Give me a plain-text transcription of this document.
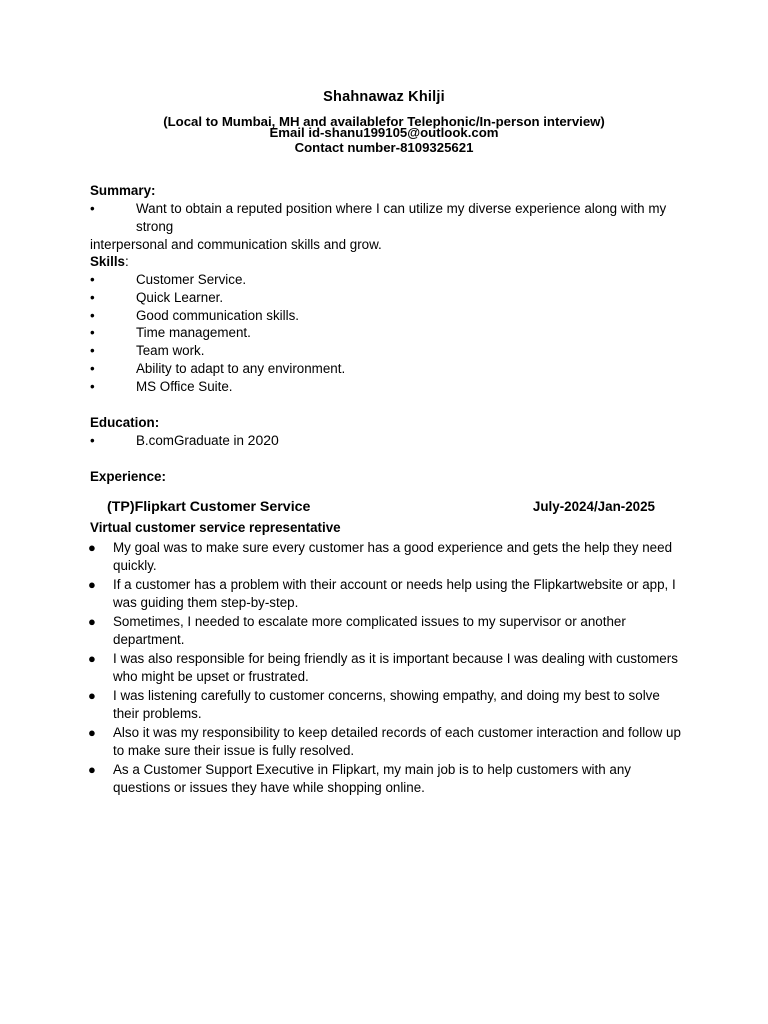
Shahnawaz Khilji
(Local to Mumbai, MH and availablefor Telephonic/In-person interview)
Email id-shanu199105@outlook.com
Contact number-8109325621
Summary:
•	Want to obtain a reputed position where I can utilize my diverse experience along with my strong
interpersonal and communication skills and grow.
Skills:
•	Customer Service.
•	Quick Learner.
•	Good communication skills.
•	Time management.
•	Team work.
•	Ability to adapt to any environment.
•	MS Office Suite.
Education:
•	B.comGraduate in 2020
Experience:
(TP)Flipkart Customer Service	July-2024/Jan-2025
Virtual customer service representative
●	My goal was to make sure every customer has a good experience and gets the help they need quickly.
●	If a customer has a problem with their account or needs help using the Flipkartwebsite or app, I was guiding them step-by-step.
●	Sometimes, I needed to escalate more complicated issues to my supervisor or another department.
●	I was also responsible for being friendly as it is important because I was dealing with customers who might be upset or frustrated.
●	I was listening carefully to customer concerns, showing empathy, and doing my best to solve their problems.
●	Also it was my responsibility to keep detailed records of each customer interaction and follow up to make sure their issue is fully resolved.
●	As a Customer Support Executive in Flipkart, my main job is to help customers with any questions or issues they have while shopping online.
